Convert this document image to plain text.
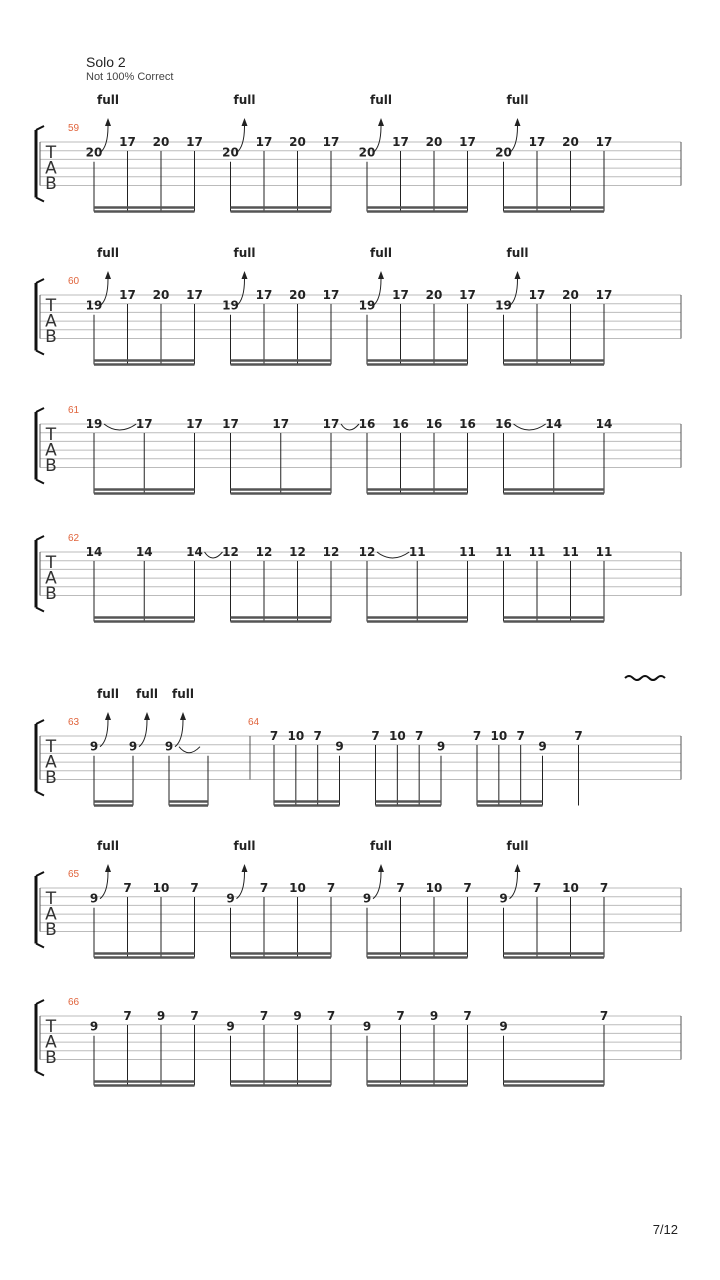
Solo 2
Not 100% Correct
T
A
B
59
20
full
17 20 17
20
full
17 20 17
20
full
17 20 17
20
full
17 20 17
T
A
B
60
19
full
17 20 17
19
full
17 20 17
19
full
17 20 17
19
full
17 20 17
T
A
B
61
19	17	17 17	17	17 16 16 16 16 16	14	14
T
A
B
62
14	14	14 12 12 12 12 12	11	11 11 11 11 11
T
A
B
63
9
full
9
full
9
full
64
7 10 7
9
7 10 7
9
7 10 7
9
7
T
A
B
65
9
full
7 10 7
9
full
7 10 7
9
full
7 10 7
9
full
7 10 7
T
A
B
66
9
7 9 7
9
7 9 7
9
7 9 7
9
7
7/12
